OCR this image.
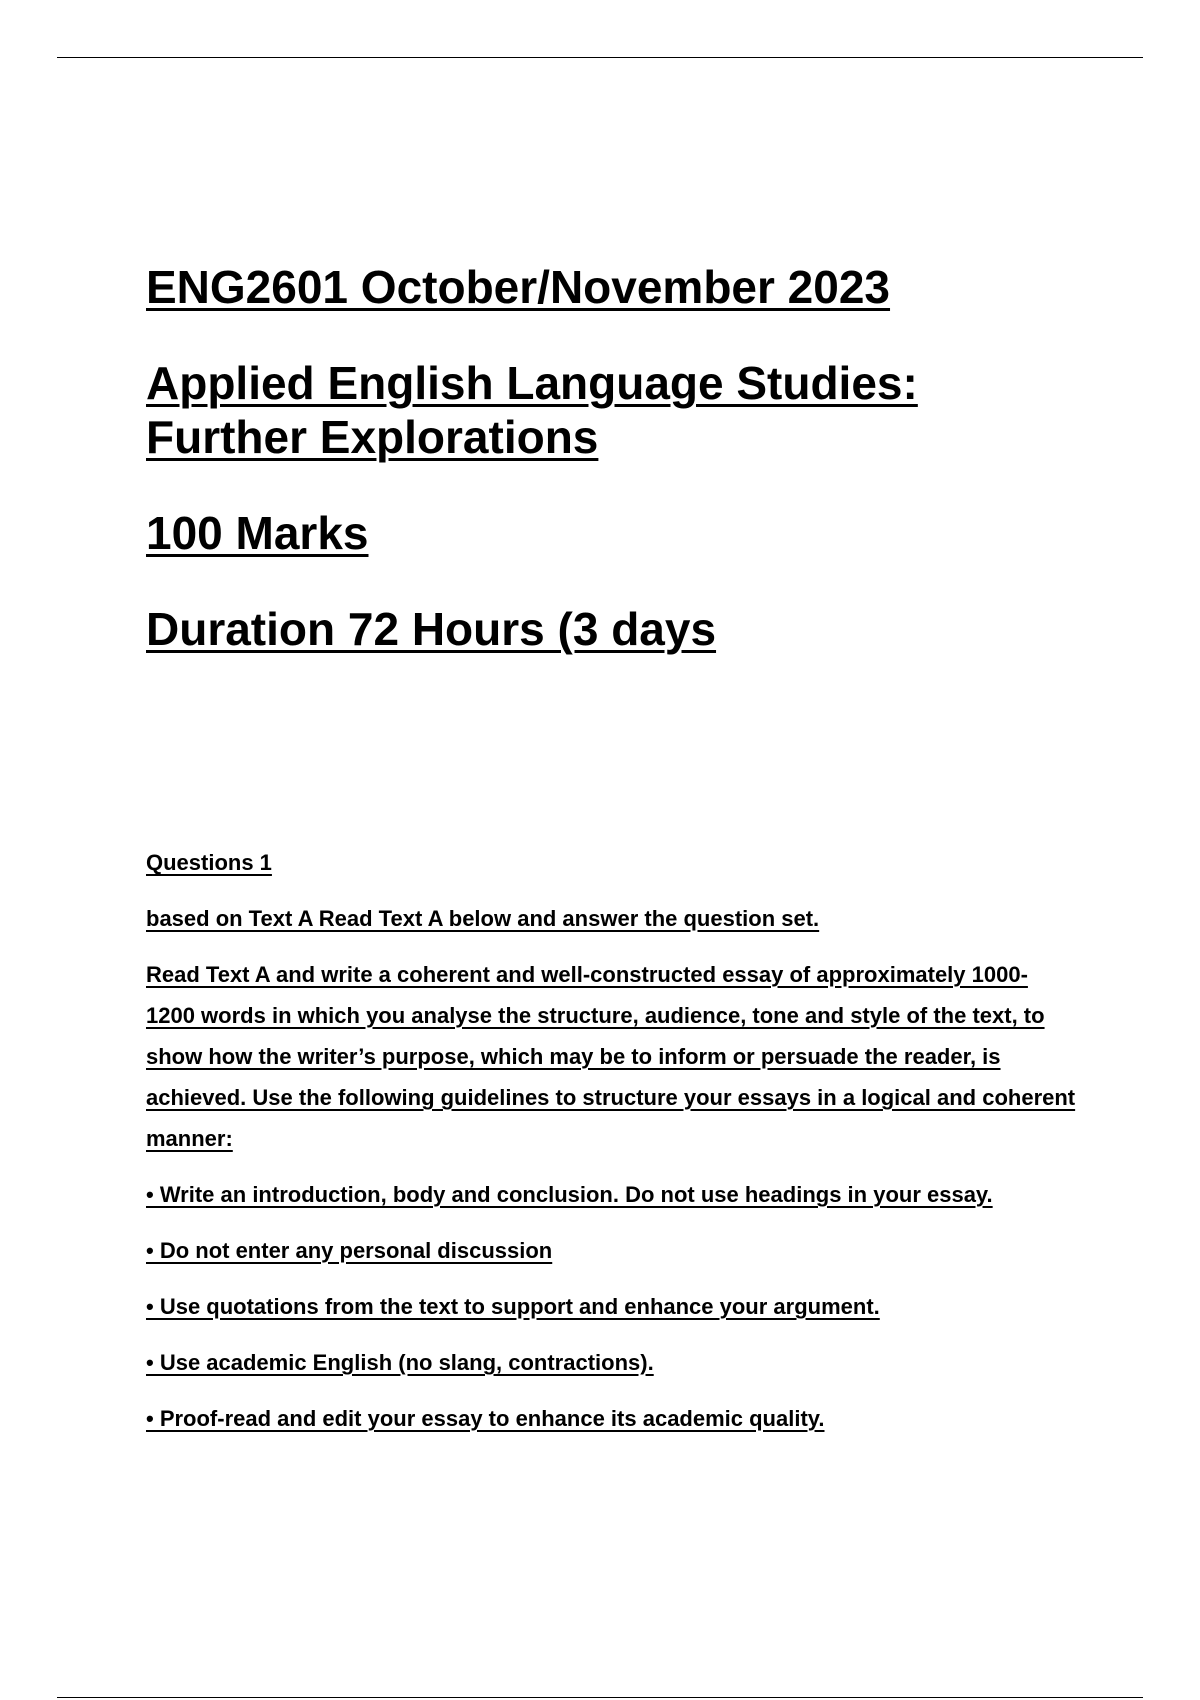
ENG2601 October/November 2023

Applied English Language Studies:

Further Explorations

100 Marks

Duration 72 Hours (3 days

Questions 1

based on Text A Read Text A below and answer the question set.

Read Text A and write a coherent and well-constructed essay of approximately 1000- 1200 words in which you analyse the structure, audience, tone and style of the text, to show how the writer’s purpose, which may be to inform or persuade the reader, is achieved. Use the following guidelines to structure your essays in a logical and coherent manner:

• Write an introduction, body and conclusion. Do not use headings in your essay.

• Do not enter any personal discussion

• Use quotations from the text to support and enhance your argument.

• Use academic English (no slang, contractions).

• Proof-read and edit your essay to enhance its academic quality.
